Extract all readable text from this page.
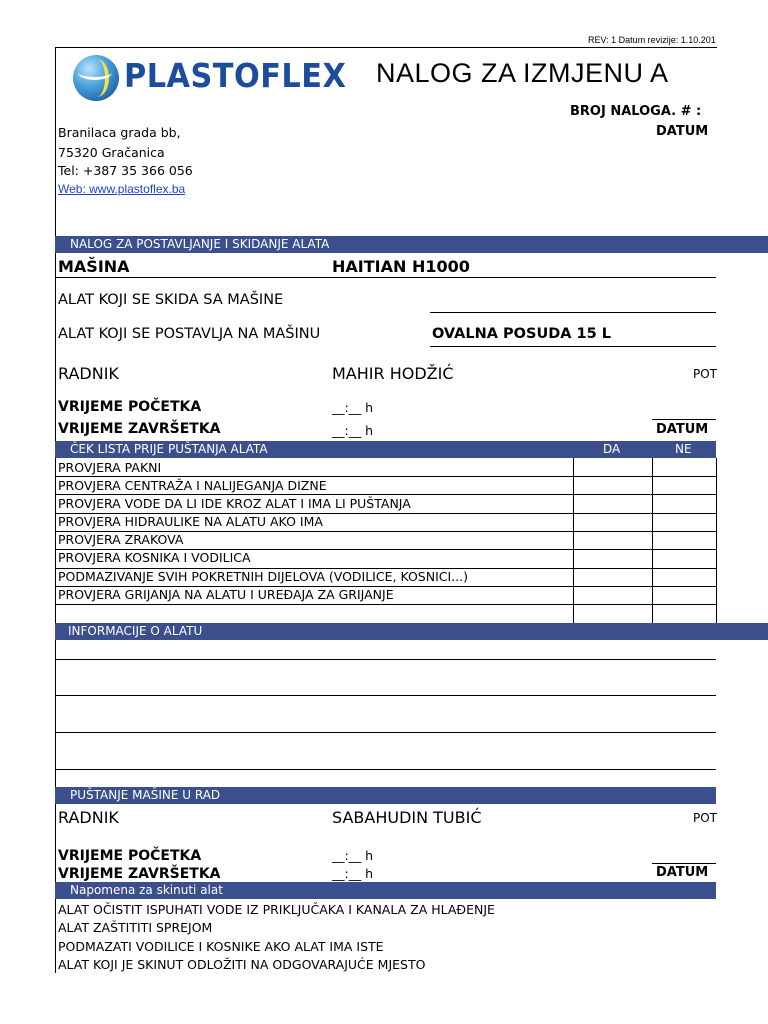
REV: 1 Datum revizije: 1.10.201
PLASTOFLEX NALOG ZA IZMJENU A
BROJ NALOGA. # :
DATUM
Branilaca grada bb,
75320 Gračanica
Tel: +387 35 366 056
Web: www.plastoflex.ba
NALOG ZA POSTAVLJANJE I SKIDANJE ALATA
MAŠINA	HAITIAN H1000
ALAT KOJI SE SKIDA SA MAŠINE
ALAT KOJI SE POSTAVLJA NA MAŠINU	OVALNA POSUDA 15 L
RADNIK	MAHIR HODŽIĆ	POT
VRIJEME POČETKA	__:__ h
VRIJEME ZAVRŠETKA	__:__ h	DATUM
ČEK LISTA PRIJE PUŠTANJA ALATA	DA	NE
PROVJERA PAKNI
PROVJERA CENTRAŽA I NALIJEGANJA DIZNE
PROVJERA VODE DA LI IDE KROZ ALAT I IMA LI PUŠTANJA
PROVJERA HIDRAULIKE NA ALATU AKO IMA
PROVJERA ZRAKOVA
PROVJERA KOSNIKA I VODILICA
PODMAZIVANJE SVIH POKRETNIH DIJELOVA (VODILICE, KOSNICI...)
PROVJERA GRIJANJA NA ALATU I UREĐAJA ZA GRIJANJE
INFORMACIJE O ALATU
PUŠTANJE MAŠINE U RAD
RADNIK	SABAHUDIN TUBIĆ	POT
VRIJEME POČETKA	__:__ h
VRIJEME ZAVRŠETKA	__:__ h	DATUM
Napomena za skinuti alat
ALAT OČISTIT ISPUHATI VODE IZ PRIKLJUČAKA I KANALA ZA HLAĐENJE
ALAT ZAŠTITITI SPREJOM
PODMAZATI VODILICE I KOSNIKE AKO ALAT IMA ISTE
ALAT KOJI JE SKINUT ODLOŽITI NA ODGOVARAJUĆE MJESTO
